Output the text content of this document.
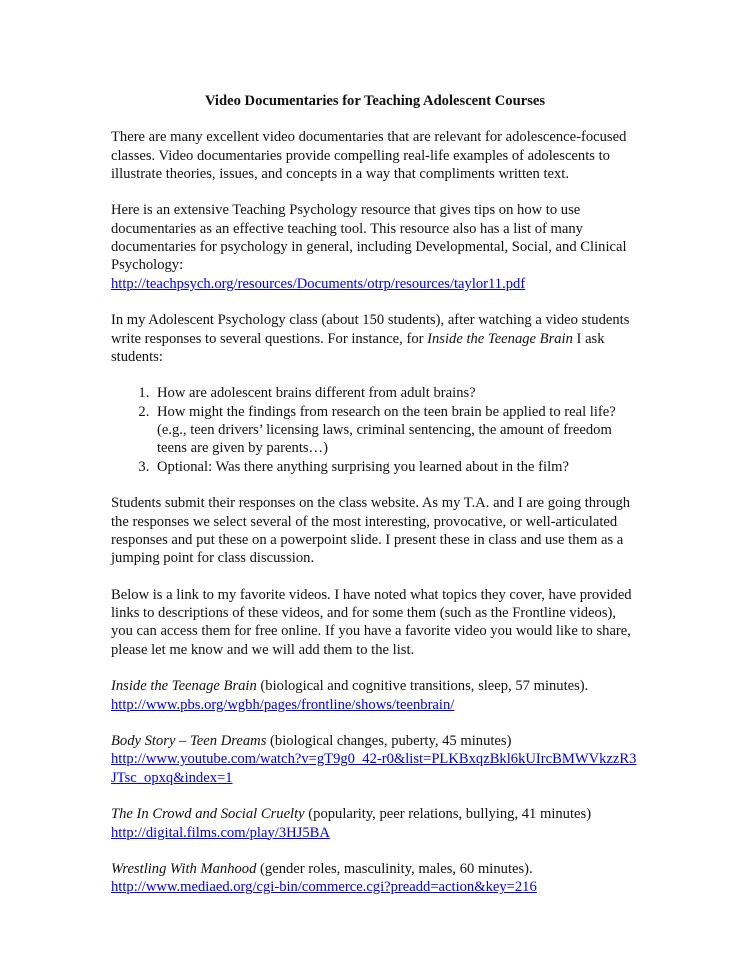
Video Documentaries for Teaching Adolescent Courses

There are many excellent video documentaries that are relevant for adolescence-focused classes. Video documentaries provide compelling real-life examples of adolescents to illustrate theories, issues, and concepts in a way that compliments written text.

Here is an extensive Teaching Psychology resource that gives tips on how to use documentaries as an effective teaching tool. This resource also has a list of many documentaries for psychology in general, including Developmental, Social, and Clinical Psychology:
http://teachpsych.org/resources/Documents/otrp/resources/taylor11.pdf

In my Adolescent Psychology class (about 150 students), after watching a video students write responses to several questions. For instance, for Inside the Teenage Brain I ask students:

1. How are adolescent brains different from adult brains?
2. How might the findings from research on the teen brain be applied to real life? (e.g., teen drivers’ licensing laws, criminal sentencing, the amount of freedom teens are given by parents…)
3. Optional: Was there anything surprising you learned about in the film?

Students submit their responses on the class website. As my T.A. and I are going through the responses we select several of the most interesting, provocative, or well-articulated responses and put these on a powerpoint slide. I present these in class and use them as a jumping point for class discussion.

Below is a link to my favorite videos. I have noted what topics they cover, have provided links to descriptions of these videos, and for some them (such as the Frontline videos), you can access them for free online. If you have a favorite video you would like to share, please let me know and we will add them to the list.

Inside the Teenage Brain (biological and cognitive transitions, sleep, 57 minutes).
http://www.pbs.org/wgbh/pages/frontline/shows/teenbrain/
Body Story – Teen Dreams (biological changes, puberty, 45 minutes)
http://www.youtube.com/watch?v=gT9g0_42-r0&list=PLKBxqzBkl6kUIrcBMWVkzzR3JTsc_opxq&index=1
The In Crowd and Social Cruelty (popularity, peer relations, bullying, 41 minutes)
http://digital.films.com/play/3HJ5BA
Wrestling With Manhood (gender roles, masculinity, males, 60 minutes).
http://www.mediaed.org/cgi-bin/commerce.cgi?preadd=action&key=216
